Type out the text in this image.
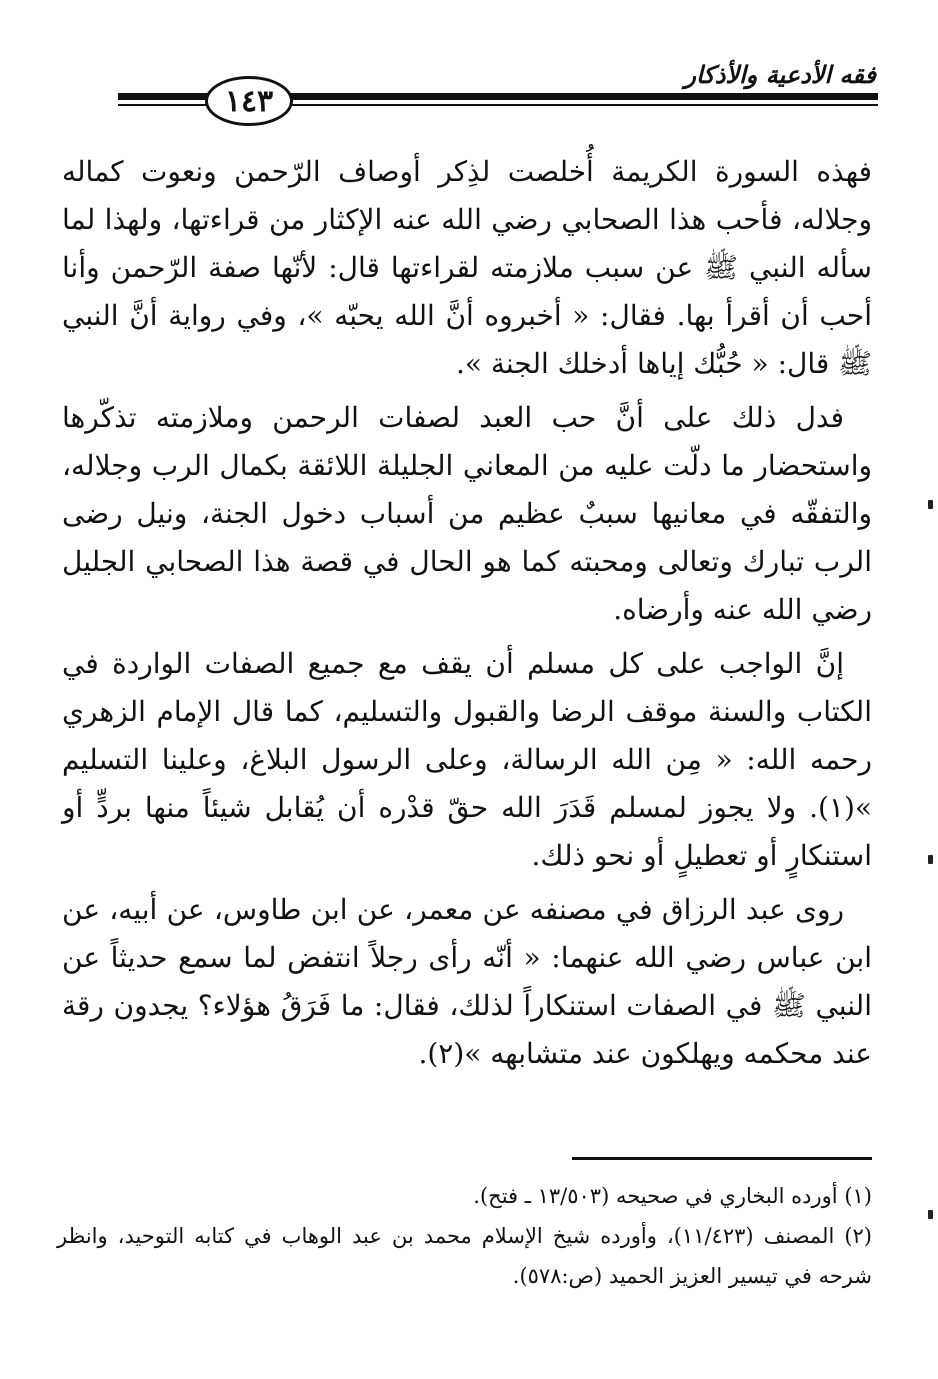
فقه الأدعية والأذكار
١٤٣

فهذه السورة الكريمة أُخلصت لذِكر أوصاف الرّحمن ونعوت كماله وجلاله، فأحب هذا الصحابي رضي الله عنه الإكثار من قراءتها، ولهذا لما سأله النبي ﷺ عن سبب ملازمته لقراءتها قال: لأنّها صفة الرّحمن وأنا أحب أن أقرأ بها. فقال: « أخبروه أنَّ الله يحبّه »، وفي رواية أنَّ النبي ﷺ قال: « حُبُّك إياها أدخلك الجنة ».

فدل ذلك على أنَّ حب العبد لصفات الرحمن وملازمته تذكّرها واستحضار ما دلّت عليه من المعاني الجليلة اللائقة بكمال الرب وجلاله، والتفقّه في معانيها سببٌ عظيم من أسباب دخول الجنة، ونيل رضى الرب تبارك وتعالى ومحبته كما هو الحال في قصة هذا الصحابي الجليل رضي الله عنه وأرضاه.

إنَّ الواجب على كل مسلم أن يقف مع جميع الصفات الواردة في الكتاب والسنة موقف الرضا والقبول والتسليم، كما قال الإمام الزهري رحمه الله: « مِن الله الرسالة، وعلى الرسول البلاغ، وعلينا التسليم »(١). ولا يجوز لمسلم قَدَرَ الله حقّ قدْره أن يُقابل شيئاً منها بردٍّ أو استنكارٍ أو تعطيلٍ أو نحو ذلك.

روى عبد الرزاق في مصنفه عن معمر، عن ابن طاوس، عن أبيه، عن ابن عباس رضي الله عنهما: « أنّه رأى رجلاً انتفض لما سمع حديثاً عن النبي ﷺ في الصفات استنكاراً لذلك، فقال: ما فَرَقُ هؤلاء؟ يجدون رقة عند محكمه ويهلكون عند متشابهه »(٢).

(١) أورده البخاري في صحيحه (١٣/٥٠٣ ـ فتح).

(٢) المصنف (١١/٤٢٣)، وأورده شيخ الإسلام محمد بن عبد الوهاب في كتابه التوحيد، وانظر شرحه في تيسير العزيز الحميد (ص:٥٧٨).
